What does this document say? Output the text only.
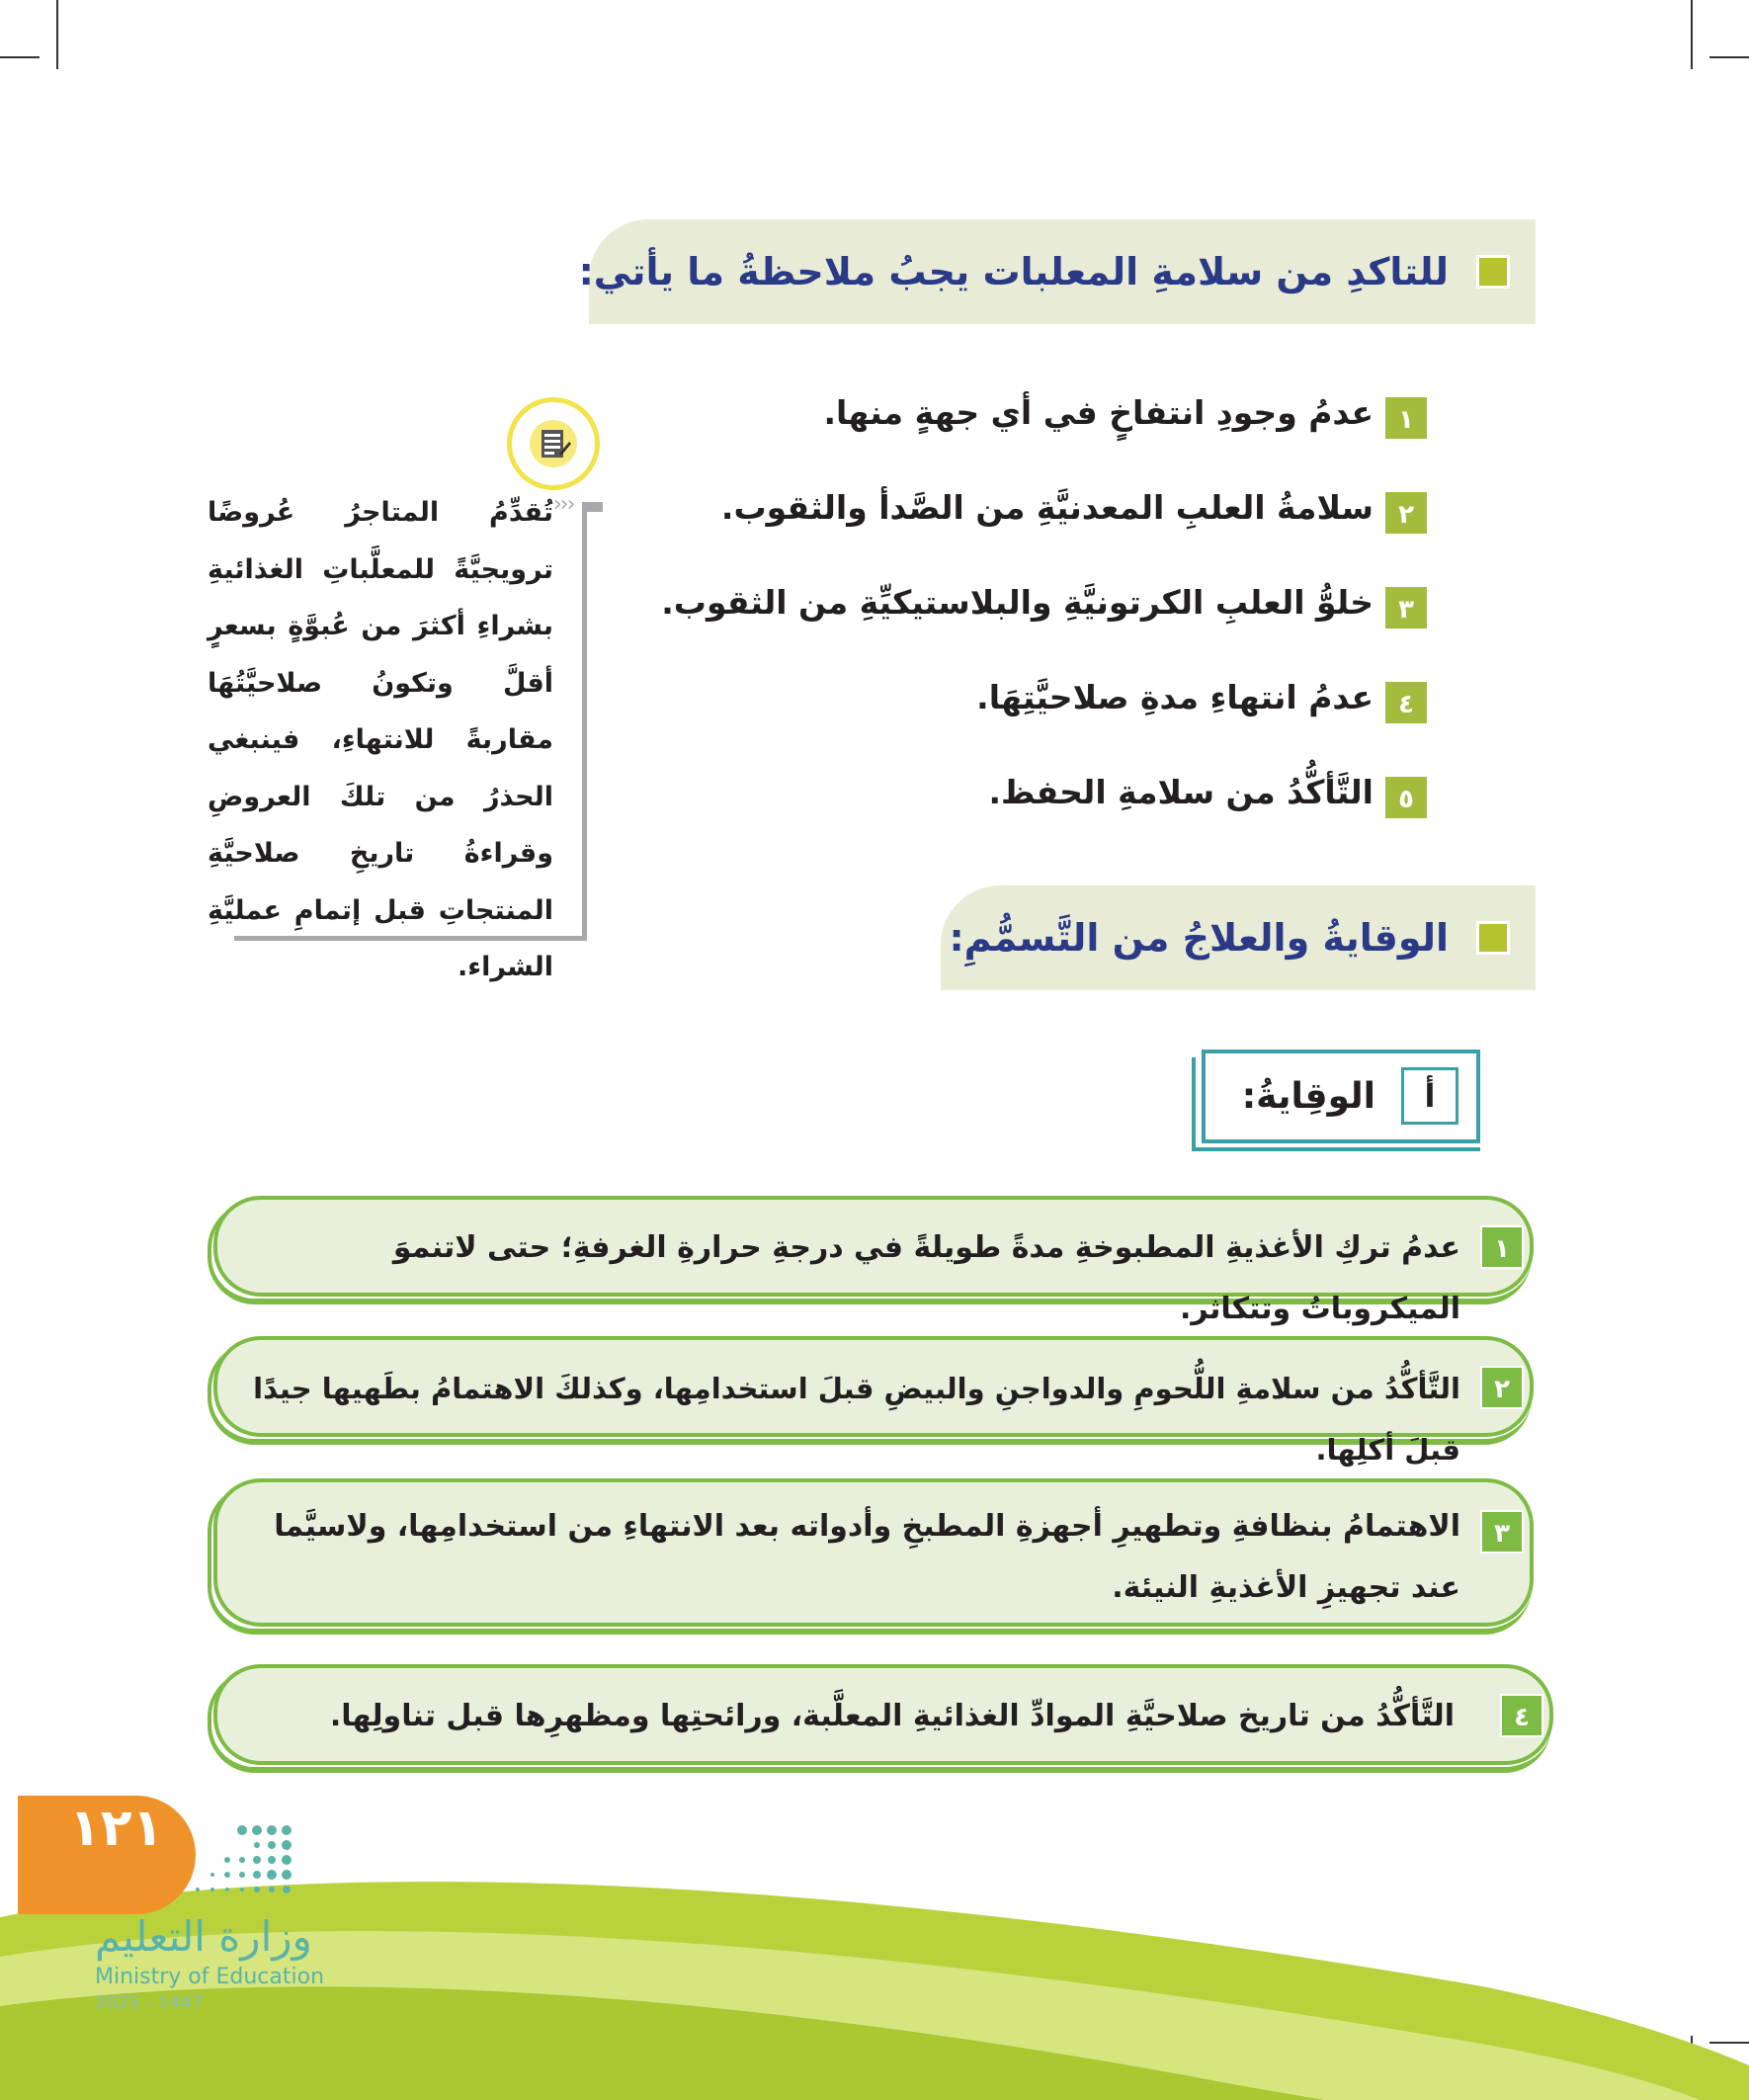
للتاكدِ من سلامةِ المعلبات يجبُ ملاحظةُ ما يأتي:
١
عدمُ وجودِ انتفاخٍ في أي جهةٍ منها.
٢
سلامةُ العلبِ المعدنيَّةِ من الصَّدأ والثقوب.
٣
خلوُّ العلبِ الكرتونيَّةِ والبلاستيكيِّةِ من الثقوب.
٤
عدمُ انتهاءِ مدةِ صلاحيَّتِهَا.
٥
التَّأكُّدُ من سلامةِ الحفظ.
›››
تُقدِّمُ المتاجرُ عُروضًا ترويجيَّةً للمعلَّباتِ الغذائيةِ بشراءِ أكثرَ من عُبوَّةٍ بسعرٍ أقلَّ وتكونُ صلاحيَّتُهَا مقاربةً للانتهاءِ، فينبغي الحذرُ من تلكَ العروضِ وقراءةُ تاريخِ صلاحيَّةِ المنتجاتِ قبل إتمامِ عمليَّةِ الشراء.
الوقايةُ والعلاجُ من التَّسمُّمِ:
أ
الوقِايةُ:
١
عدمُ تركِ الأغذيةِ المطبوخةِ مدةً طويلةً في درجةِ حرارةِ الغرفةِ؛ حتى لاتنموَ الميكروباتُ وتتكاثر.
٢
التَّأكُّدُ من سلامةِ اللُّحومِ والدواجنِ والبيضِ قبلَ استخدامِها، وكذلكَ الاهتمامُ بطَهيها جيدًا قبلَ أكلِها.
٣
الاهتمامُ بنظافةِ وتطهيرِ أجهزةِ المطبخِ وأدواته بعد الانتهاءِ من استخدامِها، ولاسيَّما عند تجهيزِ الأغذيةِ النيئة.
٤
التَّأكُّدُ من تاريخ صلاحيَّةِ الموادِّ الغذائيةِ المعلَّبة، ورائحتِها ومظهرِها قبل تناولِها.
١٢١
وزارة التعليم
Ministry of Education
2025 - 1447
